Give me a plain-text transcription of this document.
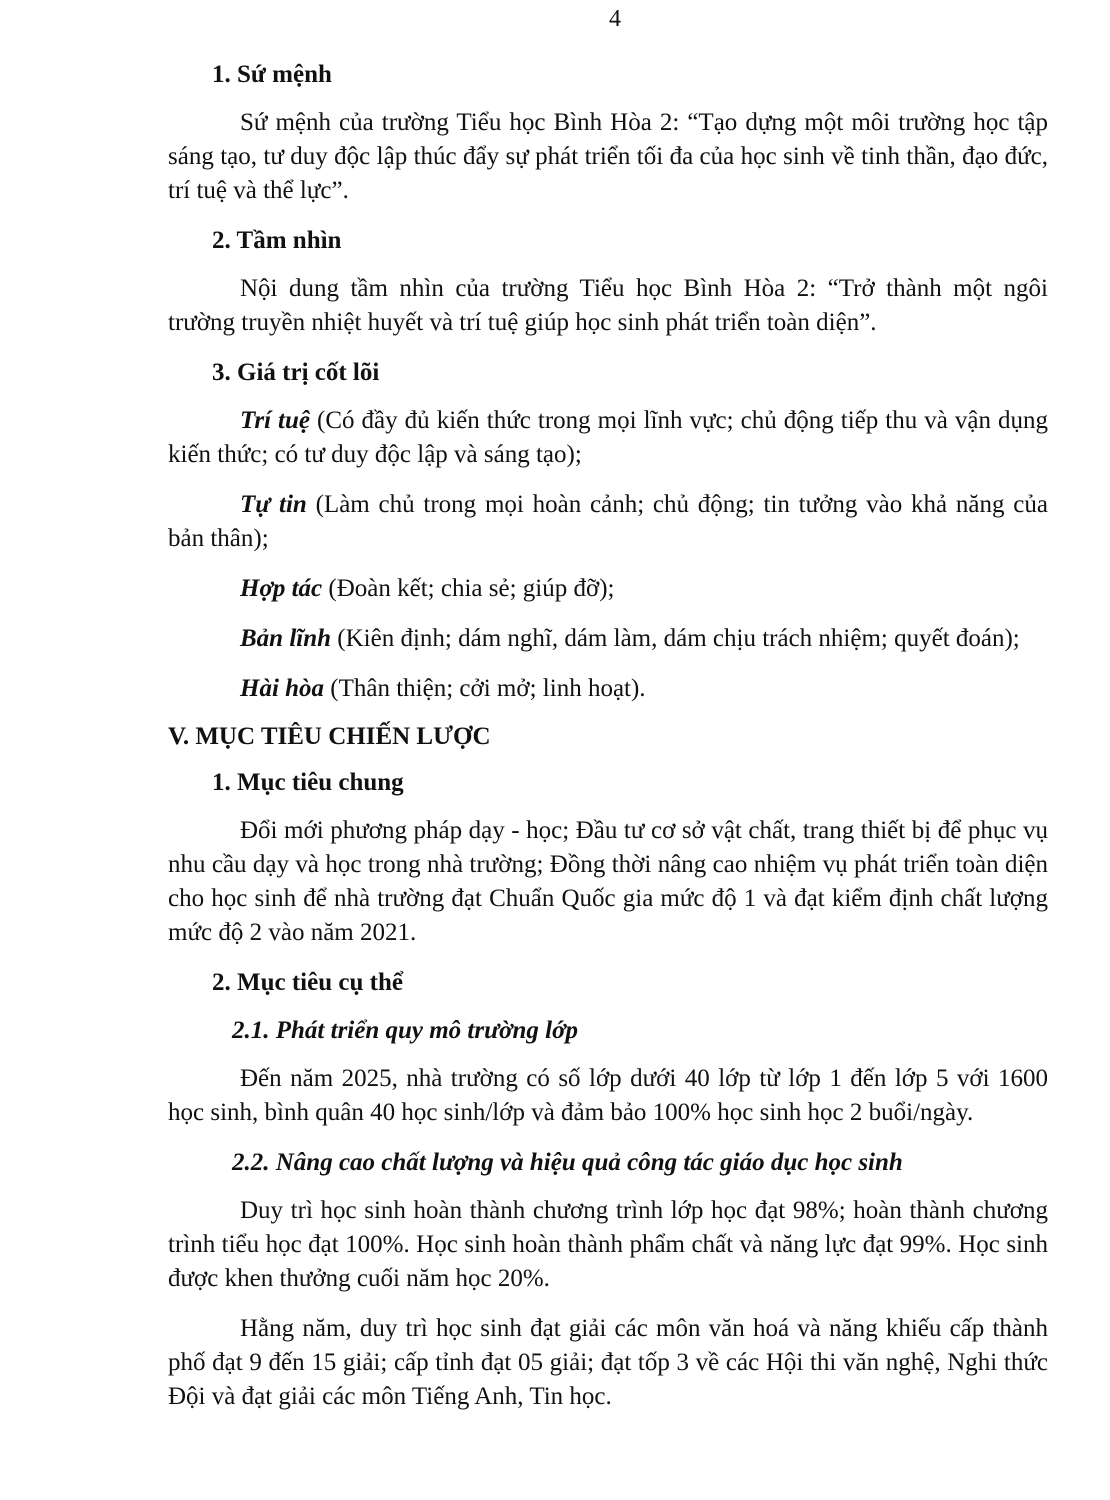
4
1. Sứ mệnh

Sứ mệnh của trường Tiểu học Bình Hòa 2: “Tạo dựng một môi trường học tập sáng tạo, tư duy độc lập thúc đẩy sự phát triển tối đa của học sinh về tinh thần, đạo đức, trí tuệ và thể lực”.

2. Tầm nhìn

Nội dung tầm nhìn của trường Tiểu học Bình Hòa 2: “Trở thành một ngôi trường truyền nhiệt huyết và trí tuệ giúp học sinh phát triển toàn diện”.

3. Giá trị cốt lõi

Trí tuệ (Có đầy đủ kiến thức trong mọi lĩnh vực; chủ động tiếp thu và vận dụng kiến thức; có tư duy độc lập và sáng tạo);

Tự tin (Làm chủ trong mọi hoàn cảnh; chủ động; tin tưởng vào khả năng của bản thân);

Hợp tác (Đoàn kết; chia sẻ; giúp đỡ);

Bản lĩnh (Kiên định; dám nghĩ, dám làm, dám chịu trách nhiệm; quyết đoán);

Hài hòa (Thân thiện; cởi mở; linh hoạt).

V. MỤC TIÊU CHIẾN LƯỢC
1. Mục tiêu chung

Đổi mới phương pháp dạy - học; Đầu tư cơ sở vật chất, trang thiết bị để phục vụ nhu cầu dạy và học trong nhà trường; Đồng thời nâng cao nhiệm vụ phát triển toàn diện cho học sinh để nhà trường đạt Chuẩn Quốc gia mức độ 1 và đạt kiểm định chất lượng mức độ 2 vào năm 2021.

2. Mục tiêu cụ thể
2.1. Phát triển quy mô trường lớp

Đến năm 2025, nhà trường có số lớp dưới 40 lớp từ lớp 1 đến lớp 5 với 1600 học sinh, bình quân 40 học sinh/lớp và đảm bảo 100% học sinh học 2 buổi/ngày.

2.2. Nâng cao chất lượng và hiệu quả công tác giáo dục học sinh

Duy trì học sinh hoàn thành chương trình lớp học đạt 98%; hoàn thành chương trình tiểu học đạt 100%. Học sinh hoàn thành phẩm chất và năng lực đạt 99%. Học sinh được khen thưởng cuối năm học 20%.

Hằng năm, duy trì học sinh đạt giải các môn văn hoá và năng khiếu cấp thành phố đạt 9 đến 15 giải; cấp tỉnh đạt 05 giải; đạt tốp 3 về các Hội thi văn nghệ, Nghi thức Đội và đạt giải các môn Tiếng Anh, Tin học.
